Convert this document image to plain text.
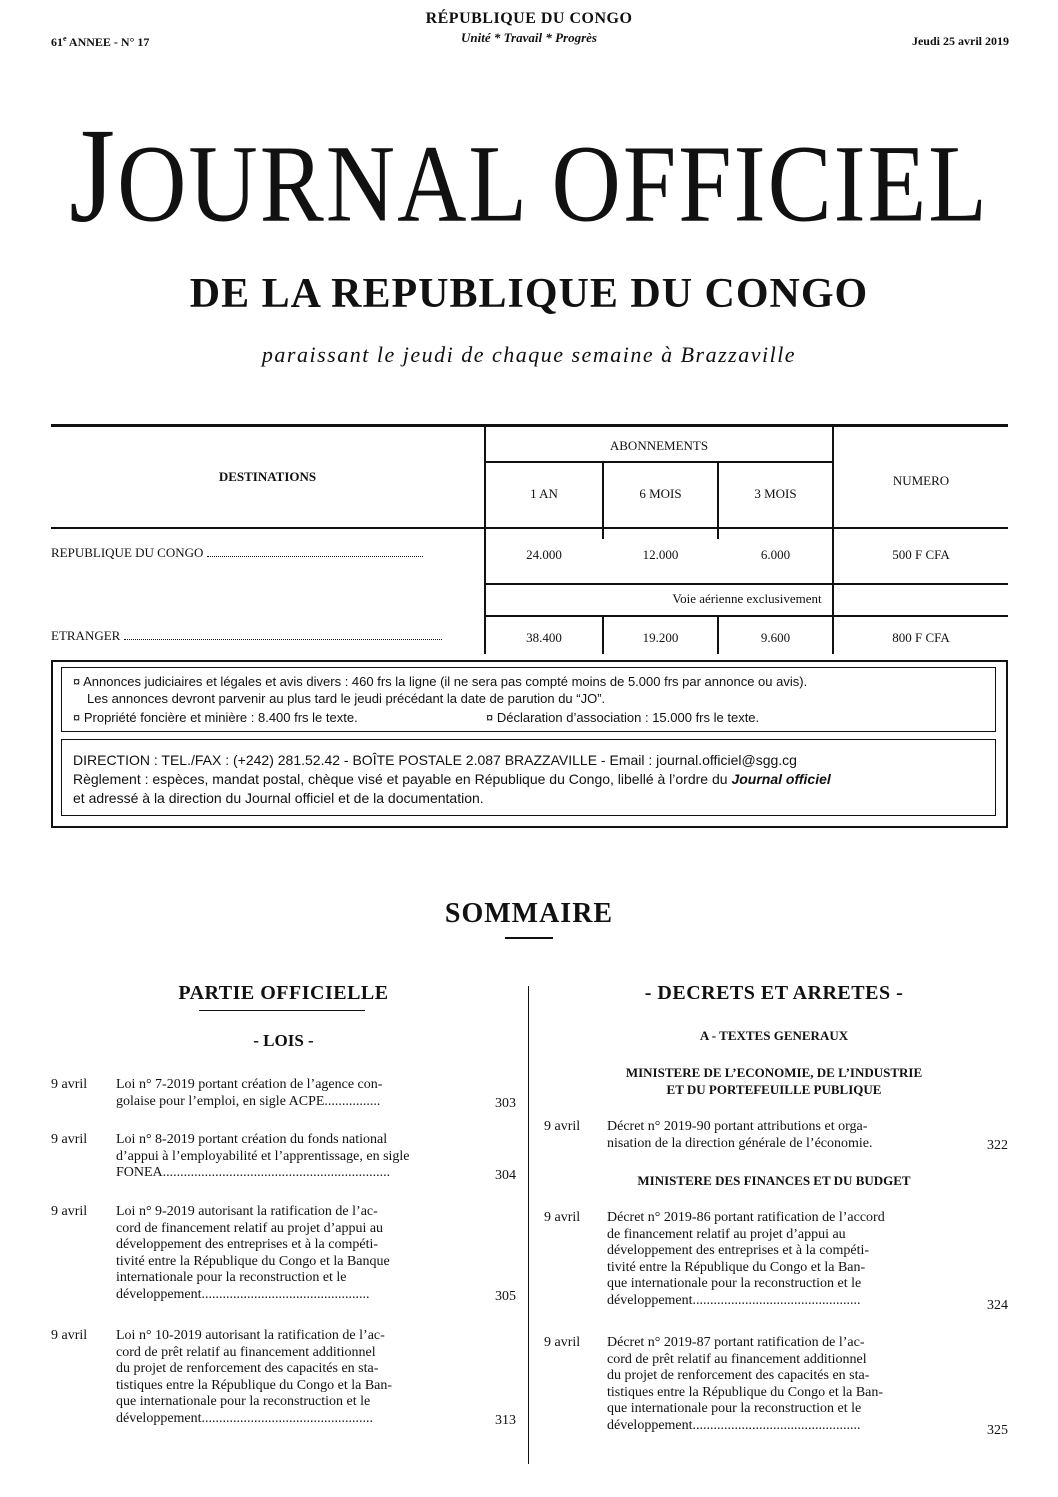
61e ANNEE - N° 17
RÉPUBLIQUE DU CONGO
Unité * Travail * Progrès	Jeudi 25 avril 2019
JOURNAL OFFICIEL
DE LA REPUBLIQUE DU CONGO
paraissant le jeudi de chaque semaine à Brazzaville
DESTINATIONS
ABONNEMENTS
NUMERO
1 AN	6 MOIS	3 MOIS
REPUBLIQUE DU CONGO	24.000	12.000	6.000	500 F CFA
Voie aérienne exclusivement
ETRANGER	38.400	19.200	9.600	800 F CFA
¤ Annonces judiciaires et légales et avis divers : 460 frs la ligne (il ne sera pas compté moins de 5.000 frs par annonce ou avis).
Les annonces devront parvenir au plus tard le jeudi précédant la date de parution du “JO”.
¤ Propriété foncière et minière : 8.400 frs le texte.	¤ Déclaration d’association : 15.000 frs le texte.
DIRECTION : TEL./FAX : (+242) 281.52.42 - BOÎTE POSTALE 2.087 BRAZZAVILLE - Email : journal.officiel@sgg.cg
Règlement : espèces, mandat postal, chèque visé et payable en République du Congo, libellé à l’ordre du Journal officiel
et adressé à la direction du Journal officiel et de la documentation.
SOMMAIRE
PARTIE OFFICIELLE
- LOIS -
9 avril Loi n° 7-2019 portant création de l’agence con-
golaise pour l’emploi, en sigle ACPE................	303
9 avril Loi n° 8-2019 portant création du fonds national
d’appui à l’employabilité et l’apprentissage, en sigle
FONEA.................................................................	304
9 avril Loi n° 9-2019 autorisant la ratification de l’ac-
cord de financement relatif au projet d’appui au
développement des entreprises et à la compéti-
tivité entre la République du Congo et la Banque
internationale pour la reconstruction et le
développement................................................	305
9 avril Loi n° 10-2019 autorisant la ratification de l’ac-
cord de prêt relatif au financement additionnel
du projet de renforcement des capacités en sta-
tistiques entre la République du Congo et la Ban-
que internationale pour la reconstruction et le
développement.................................................	313
- DECRETS ET ARRETES -
A - TEXTES GENERAUX
MINISTERE DE L’ECONOMIE, DE L’INDUSTRIE
ET DU PORTEFEUILLE PUBLIQUE
9 avril Décret n° 2019-90 portant attributions et orga-
nisation de la direction générale de l’économie.	322
MINISTERE DES FINANCES ET DU BUDGET
9 avril Décret n° 2019-86 portant ratification de l’accord
de financement relatif au projet d’appui au
développement des entreprises et à la compéti-
tivité entre la République du Congo et la Ban-
que internationale pour la reconstruction et le
développement................................................	324
9 avril Décret n° 2019-87 portant ratification de l’ac-
cord de prêt relatif au financement additionnel
du projet de renforcement des capacités en sta-
tistiques entre la République du Congo et la Ban-
que internationale pour la reconstruction et le
développement................................................	325
